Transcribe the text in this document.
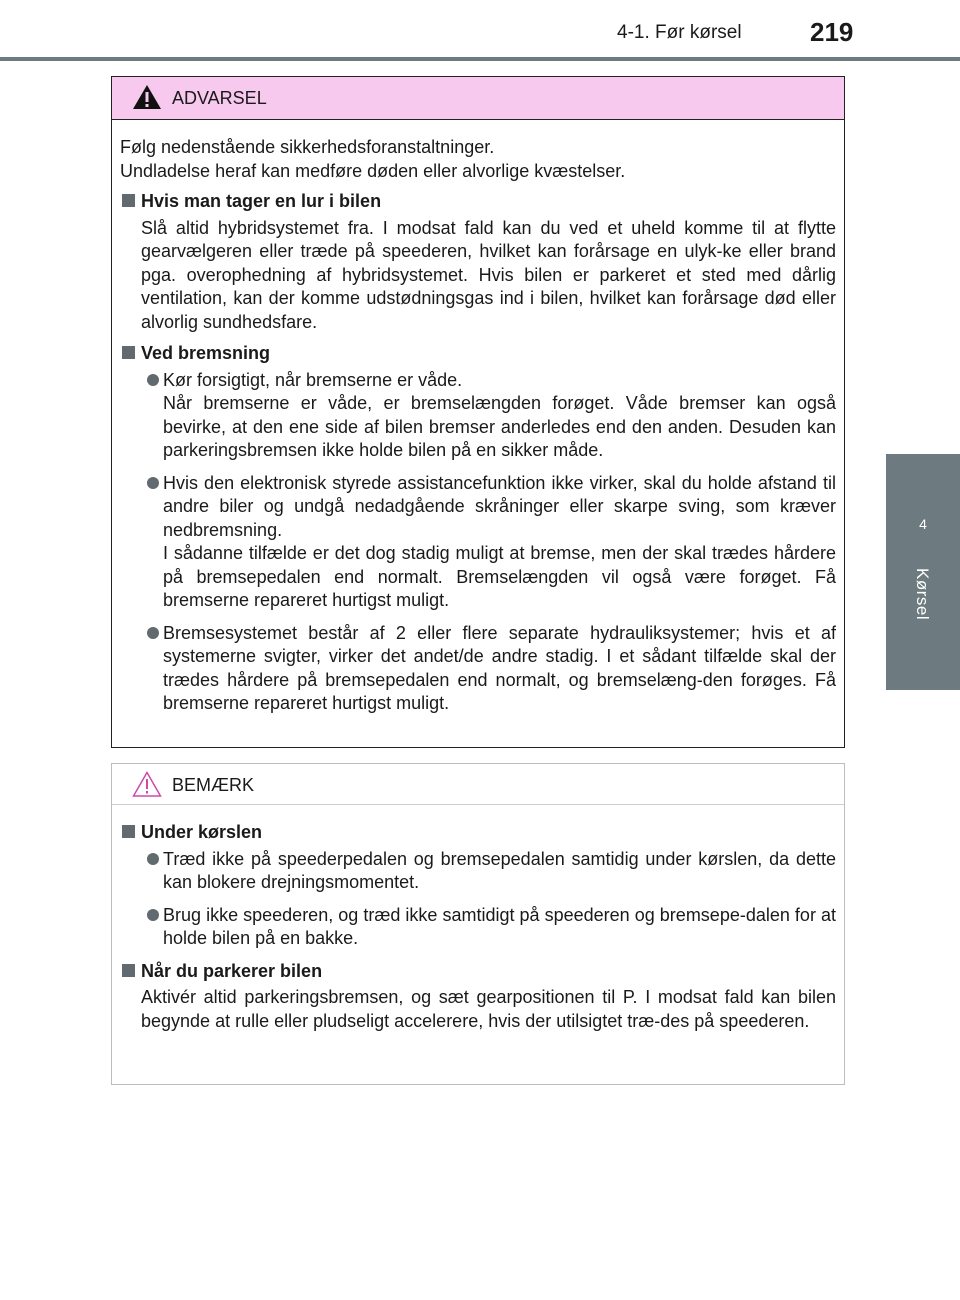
4-1. Før kørsel	219
4
Kørsel
ADVARSEL

Følg nedenstående sikkerhedsforanstaltninger.
Undladelse heraf kan medføre døden eller alvorlige kvæstelser.

Hvis man tager en lur i bilen

Slå altid hybridsystemet fra. I modsat fald kan du ved et uheld komme til at flytte gearvælgeren eller træde på speederen, hvilket kan forårsage en ulyk-ke eller brand pga. overophedning af hybridsystemet. Hvis bilen er parkeret et sted med dårlig ventilation, kan der komme udstødningsgas ind i bilen, hvilket kan forårsage død eller alvorlig sundhedsfare.

Ved bremsning

Kør forsigtigt, når bremserne er våde.
Når bremserne er våde, er bremselængden forøget. Våde bremser kan også bevirke, at den ene side af bilen bremser anderledes end den anden. Desuden kan parkeringsbremsen ikke holde bilen på en sikker måde.
Hvis den elektronisk styrede assistancefunktion ikke virker, skal du holde afstand til andre biler og undgå nedadgående skråninger eller skarpe sving, som kræver nedbremsning.
I sådanne tilfælde er det dog stadig muligt at bremse, men der skal trædes hårdere på bremsepedalen end normalt. Bremselængden vil også være forøget. Få bremserne repareret hurtigst muligt.
Bremsesystemet består af 2 eller flere separate hydrauliksystemer; hvis et af systemerne svigter, virker det andet/de andre stadig. I et sådant tilfælde skal der trædes hårdere på bremsepedalen end normalt, og bremselæng-den forøges. Få bremserne repareret hurtigst muligt.
BEMÆRK

Under kørslen

Træd ikke på speederpedalen og bremsepedalen samtidig under kørslen, da dette kan blokere drejningsmomentet.
Brug ikke speederen, og træd ikke samtidigt på speederen og bremsepe-dalen for at holde bilen på en bakke.

Når du parkerer bilen

Aktivér altid parkeringsbremsen, og sæt gearpositionen til P. I modsat fald kan bilen begynde at rulle eller pludseligt accelerere, hvis der utilsigtet træ-des på speederen.
